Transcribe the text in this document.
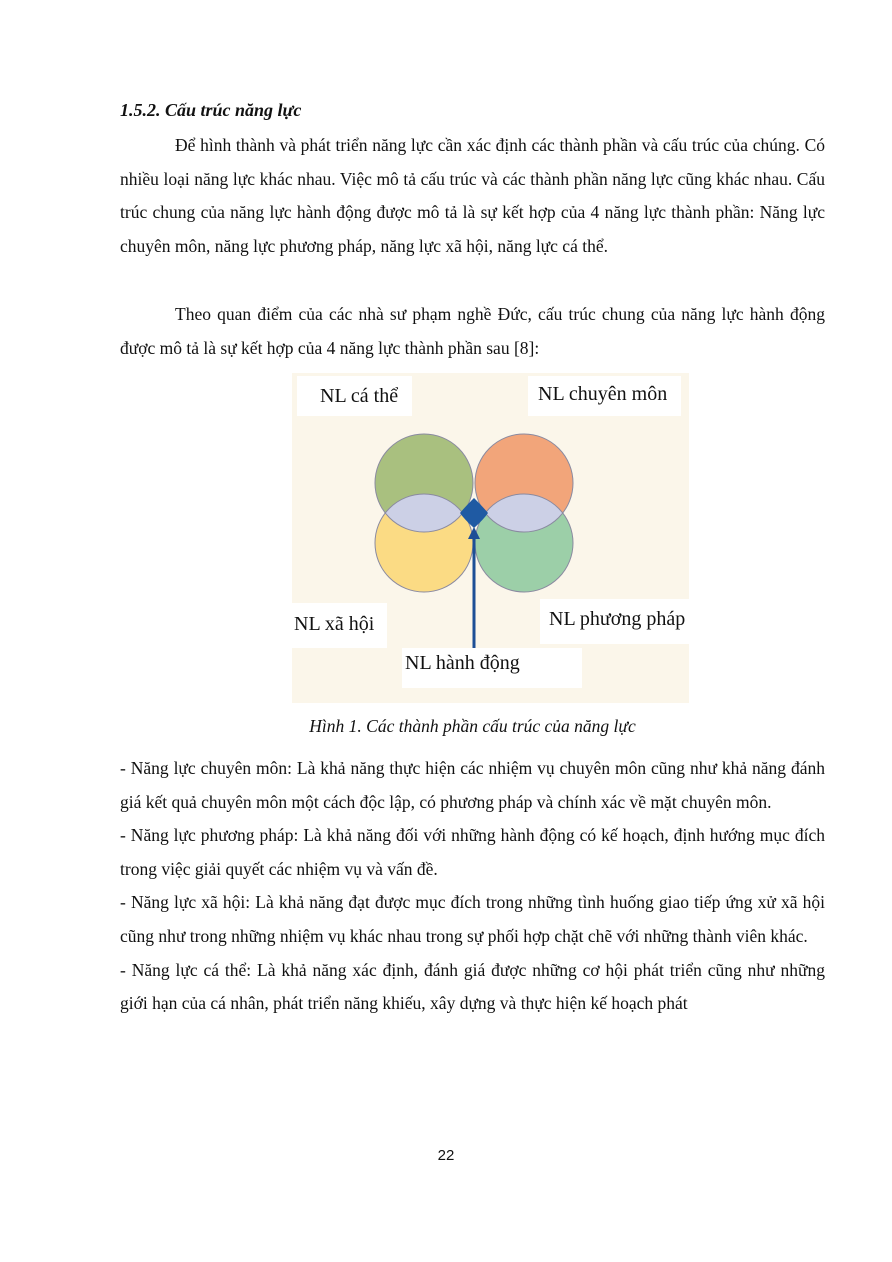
1.5.2. Cấu trúc năng lực

Để hình thành và phát triển năng lực cần xác định các thành phần và cấu trúc của chúng. Có nhiều loại năng lực khác nhau. Việc mô tả cấu trúc và các thành phần năng lực cũng khác nhau. Cấu trúc chung của năng lực hành động được mô tả là sự kết hợp của 4 năng lực thành phần: Năng lực chuyên môn, năng lực phương pháp, năng lực xã hội, năng lực cá thể.

Theo quan điểm của các nhà sư phạm nghề Đức, cấu trúc chung của năng lực hành động được mô tả là sự kết hợp của 4 năng lực thành phần sau [8]:

NL cá thể	NL chuyên môn
NL xã hội	NL phương pháp
NL hành động

Hình 1. Các thành phần cấu trúc của năng lực

- Năng lực chuyên môn: Là khả năng thực hiện các nhiệm vụ chuyên môn cũng như khả năng đánh giá kết quả chuyên môn một cách độc lập, có phương pháp và chính xác về mặt chuyên môn.

- Năng lực phương pháp: Là khả năng đối với những hành động có kế hoạch, định hướng mục đích trong việc giải quyết các nhiệm vụ và vấn đề.

- Năng lực xã hội: Là khả năng đạt được mục đích trong những tình huống giao tiếp ứng xử xã hội cũng như trong những nhiệm vụ khác nhau trong sự phối hợp chặt chẽ với những thành viên khác.

- Năng lực cá thể: Là khả năng xác định, đánh giá được những cơ hội phát triển cũng như những giới hạn của cá nhân, phát triển năng khiếu, xây dựng và thực hiện kế hoạch phát

22
